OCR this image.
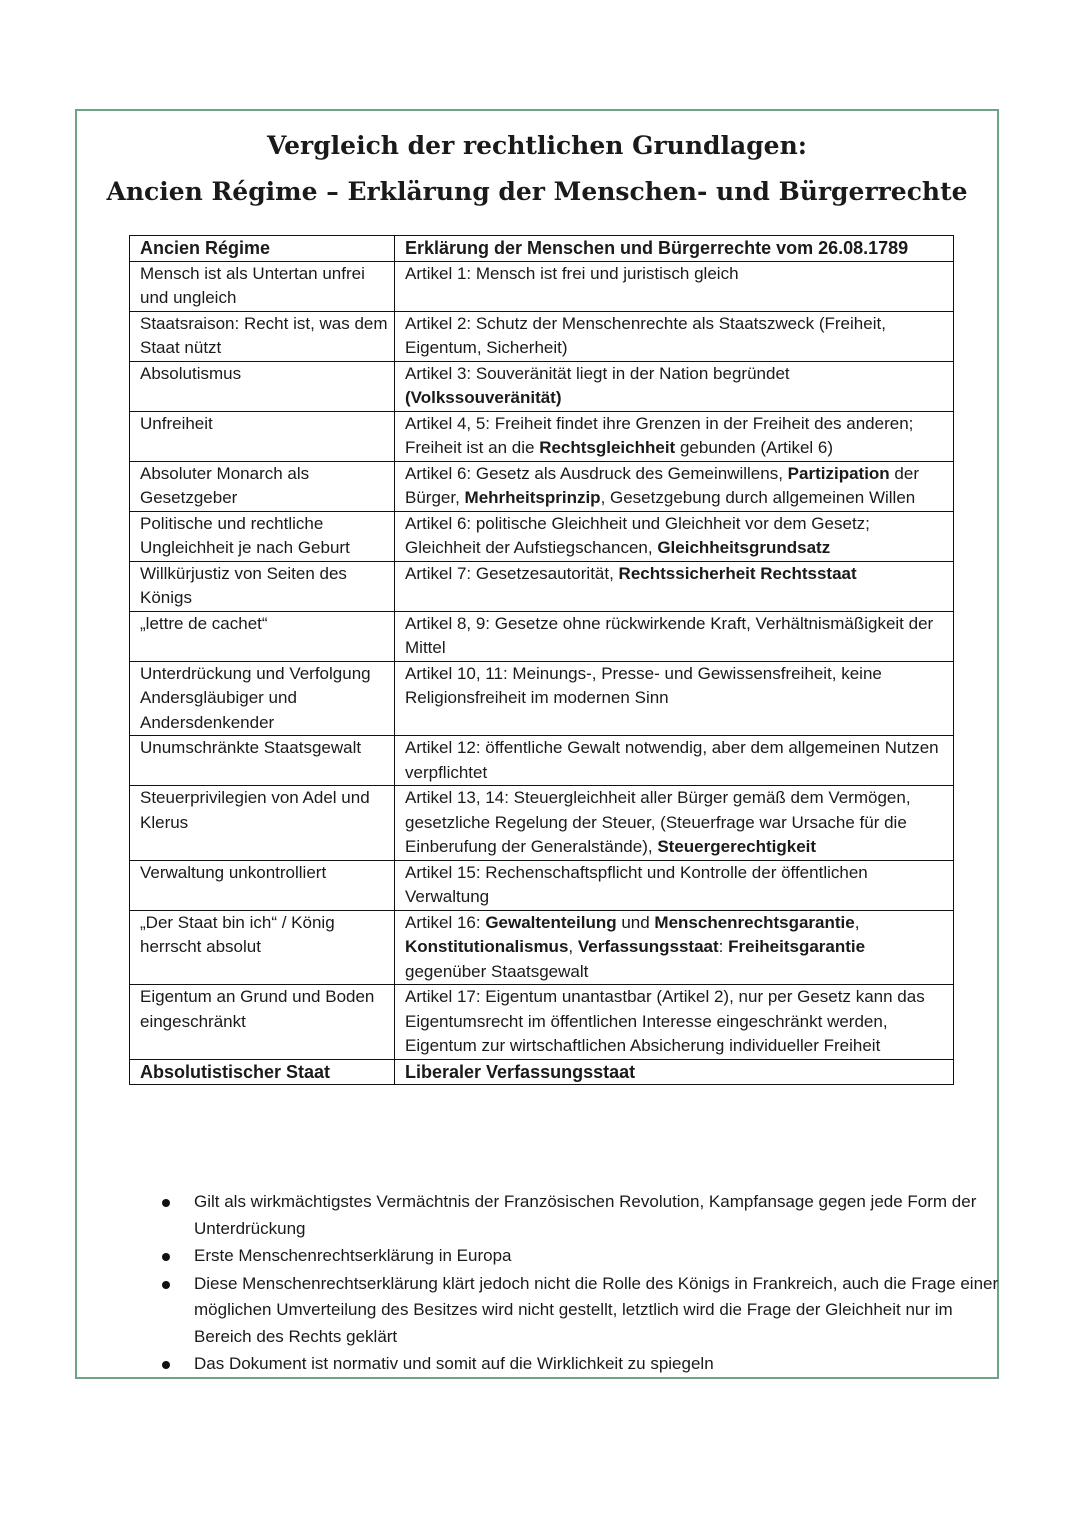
Vergleich der rechtlichen Grundlagen:
Ancien Régime – Erklärung der Menschen- und Bürgerrechte
Ancien Régime	Erklärung der Menschen und Bürgerrechte vom 26.08.1789
Mensch ist als Untertan unfrei und ungleich	Artikel 1: Mensch ist frei und juristisch gleich
Staatsraison: Recht ist, was dem Staat nützt	Artikel 2: Schutz der Menschenrechte als Staatszweck (Freiheit, Eigentum, Sicherheit)
Absolutismus	Artikel 3: Souveränität liegt in der Nation begründet (Volkssouveränität)
Unfreiheit	Artikel 4, 5: Freiheit findet ihre Grenzen in der Freiheit des anderen; Freiheit ist an die Rechtsgleichheit gebunden (Artikel 6)
Absoluter Monarch als Gesetzgeber	Artikel 6: Gesetz als Ausdruck des Gemeinwillens, Partizipation der Bürger, Mehrheitsprinzip, Gesetzgebung durch allgemeinen Willen
Politische und rechtliche Ungleichheit je nach Geburt	Artikel 6: politische Gleichheit und Gleichheit vor dem Gesetz; Gleichheit der Aufstiegschancen, Gleichheitsgrundsatz
Willkürjustiz von Seiten des Königs	Artikel 7: Gesetzesautorität, Rechtssicherheit Rechtsstaat
„lettre de cachet“	Artikel 8, 9: Gesetze ohne rückwirkende Kraft, Verhältnismäßigkeit der Mittel
Unterdrückung und Verfolgung Andersgläubiger und Andersdenkender	Artikel 10, 11: Meinungs-, Presse- und Gewissensfreiheit, keine Religionsfreiheit im modernen Sinn
Unumschränkte Staatsgewalt	Artikel 12: öffentliche Gewalt notwendig, aber dem allgemeinen Nutzen verpflichtet
Steuerprivilegien von Adel und Klerus	Artikel 13, 14: Steuergleichheit aller Bürger gemäß dem Vermögen, gesetzliche Regelung der Steuer, (Steuerfrage war Ursache für die Einberufung der Generalstände), Steuergerechtigkeit
Verwaltung unkontrolliert	Artikel 15: Rechenschaftspflicht und Kontrolle der öffentlichen Verwaltung
„Der Staat bin ich“ / König herrscht absolut	Artikel 16: Gewaltenteilung und Menschenrechtsgarantie, Konstitutionalismus, Verfassungsstaat: Freiheitsgarantie gegenüber Staatsgewalt
Eigentum an Grund und Boden eingeschränkt	Artikel 17: Eigentum unantastbar (Artikel 2), nur per Gesetz kann das Eigentumsrecht im öffentlichen Interesse eingeschränkt werden, Eigentum zur wirtschaftlichen Absicherung individueller Freiheit
Absolutistischer Staat	Liberaler Verfassungsstaat
Gilt als wirkmächtigstes Vermächtnis der Französischen Revolution, Kampfansage gegen jede Form der Unterdrückung
Erste Menschenrechtserklärung in Europa
Diese Menschenrechtserklärung klärt jedoch nicht die Rolle des Königs in Frankreich, auch die Frage einer möglichen Umverteilung des Besitzes wird nicht gestellt, letztlich wird die Frage der Gleichheit nur im Bereich des Rechts geklärt
Das Dokument ist normativ und somit auf die Wirklichkeit zu spiegeln
